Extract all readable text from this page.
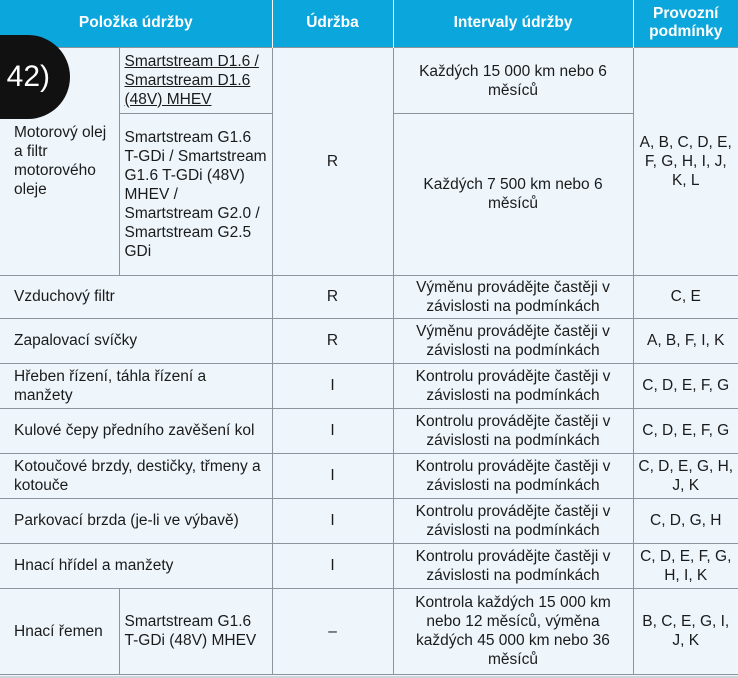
Položka údržby		Údržba	Intervaly údržby	Provozní podmínky
Motorový olej a filtr motorového oleje	Smartstream D1.6 / Smartstream D1.6 (48V) MHEV	R	Každých 15 000 km nebo 6 měsíců	A, B, C, D, E, F, G, H, I, J, K, L
	Smartstream G1.6 T-GDi / Smartstream G1.6 T-GDi (48V) MHEV / Smartstream G2.0 / Smartstream G2.5 GDi		Každých 7 500 km nebo 6 měsíců	
Vzduchový filtr		R	Výměnu provádějte častěji v závislosti na podmínkách	C, E
Zapalovací svíčky		R	Výměnu provádějte častěji v závislosti na podmínkách	A, B, F, I, K
Hřeben řízení, táhla řízení a manžety		I	Kontrolu provádějte častěji v závislosti na podmínkách	C, D, E, F, G
Kulové čepy předního zavěšení kol		I	Kontrolu provádějte častěji v závislosti na podmínkách	C, D, E, F, G
Kotoučové brzdy, destičky, třmeny a kotouče		I	Kontrolu provádějte častěji v závislosti na podmínkách	C, D, E, G, H, J, K
Parkovací brzda (je-li ve výbavě)		I	Kontrolu provádějte častěji v závislosti na podmínkách	C, D, G, H
Hnací hřídel a manžety		I	Kontrolu provádějte častěji v závislosti na podmínkách	C, D, E, F, G, H, I, K
Hnací řemen	Smartstream G1.6 T-GDi (48V) MHEV	–	Kontrola každých 15 000 km nebo 12 měsíců, výměna každých 45 000 km nebo 36 měsíců	B, C, E, G, I, J, K
42)
